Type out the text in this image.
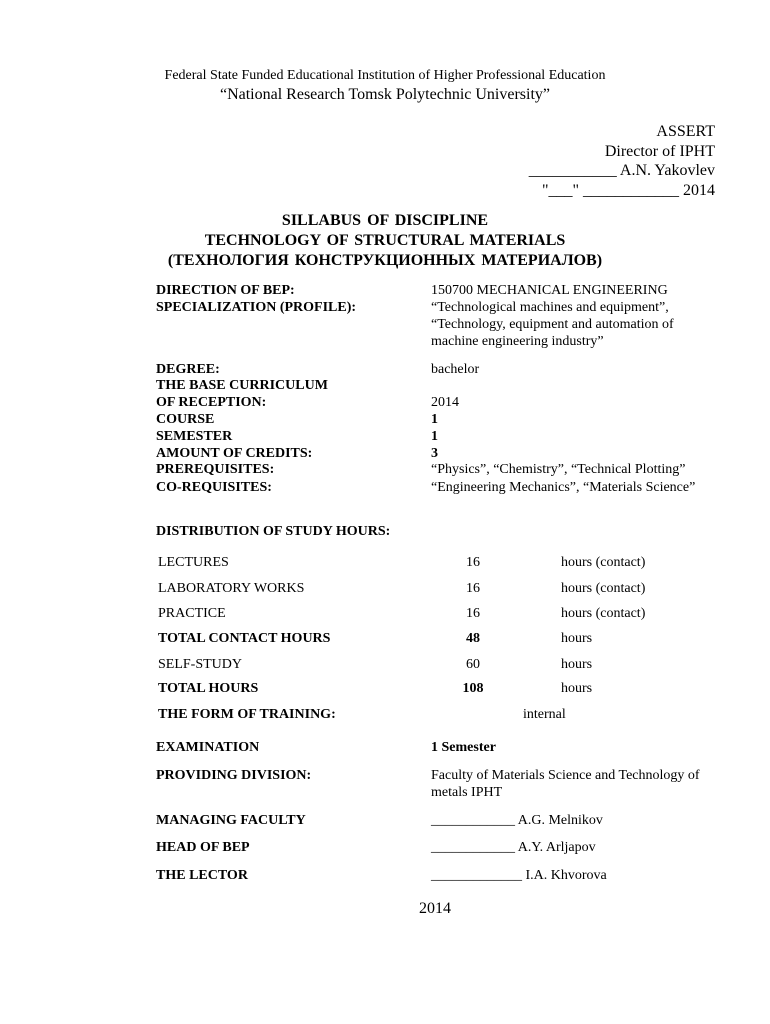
Federal State Funded Educational Institution of Higher Professional Education
“National Research Tomsk Polytechnic University”
ASSERT
Director of IPHT
___________ A.N. Yakovlev
"___" ____________ 2014
SILLABUS OF DISCIPLINE
TECHNOLOGY OF STRUCTURAL MATERIALS
(ТЕХНОЛОГИЯ КОНСТРУКЦИОННЫХ МАТЕРИАЛОВ)
DIRECTION OF BEP:	150700 MECHANICAL ENGINEERING
SPECIALIZATION (PROFILE):	“Technological machines and equipment”, “Technology, equipment and automation of machine engineering industry”
DEGREE:	bachelor
THE BASE CURRICULUM
OF RECEPTION:	2014
COURSE	1
SEMESTER	1
AMOUNT OF CREDITS:	3
PREREQUISITES:	“Physics”, “Chemistry”, “Technical Plotting”
CO-REQUISITES:	“Engineering Mechanics”, “Materials Science”
DISTRIBUTION OF STUDY HOURS:
LECTURES	16	hours (contact)
LABORATORY WORKS	16	hours (contact)
PRACTICE	16	hours (contact)
TOTAL CONTACT HOURS	48	hours
SELF-STUDY	60	hours
TOTAL HOURS	108	hours
THE FORM OF TRAINING:	internal
EXAMINATION	1 Semester
PROVIDING DIVISION:	Faculty of Materials Science and Technology of metals IPHT
MANAGING FACULTY	____________ A.G. Melnikov
HEAD OF BEP	____________ A.Y. Arljapov
THE LECTOR	_____________ I.A. Khvorova
2014
